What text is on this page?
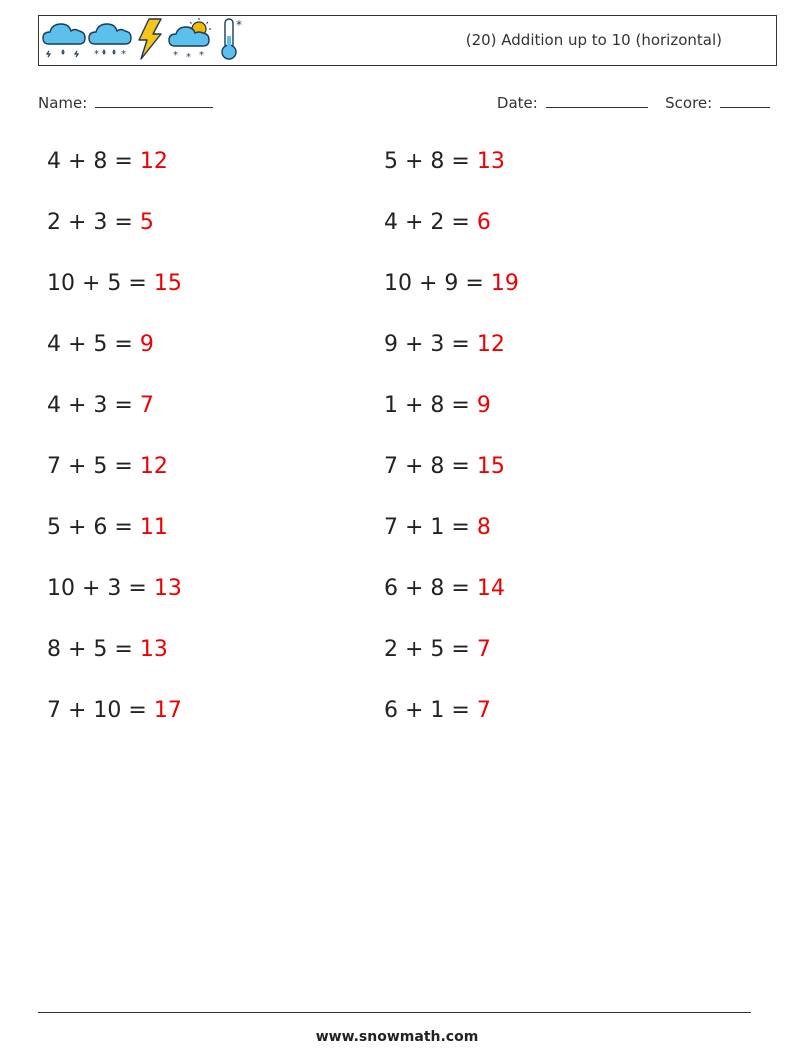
* *	* * *
*
(20) Addition up to 10 (horizontal)
Name:	Date:	Score:
4 + 8 = 12	5 + 8 = 13
2 + 3 = 5	4 + 2 = 6
10 + 5 = 15	10 + 9 = 19
4 + 5 = 9	9 + 3 = 12
4 + 3 = 7	1 + 8 = 9
7 + 5 = 12	7 + 8 = 15
5 + 6 = 11	7 + 1 = 8
10 + 3 = 13	6 + 8 = 14
8 + 5 = 13	2 + 5 = 7
7 + 10 = 17	6 + 1 = 7
www.snowmath.com
